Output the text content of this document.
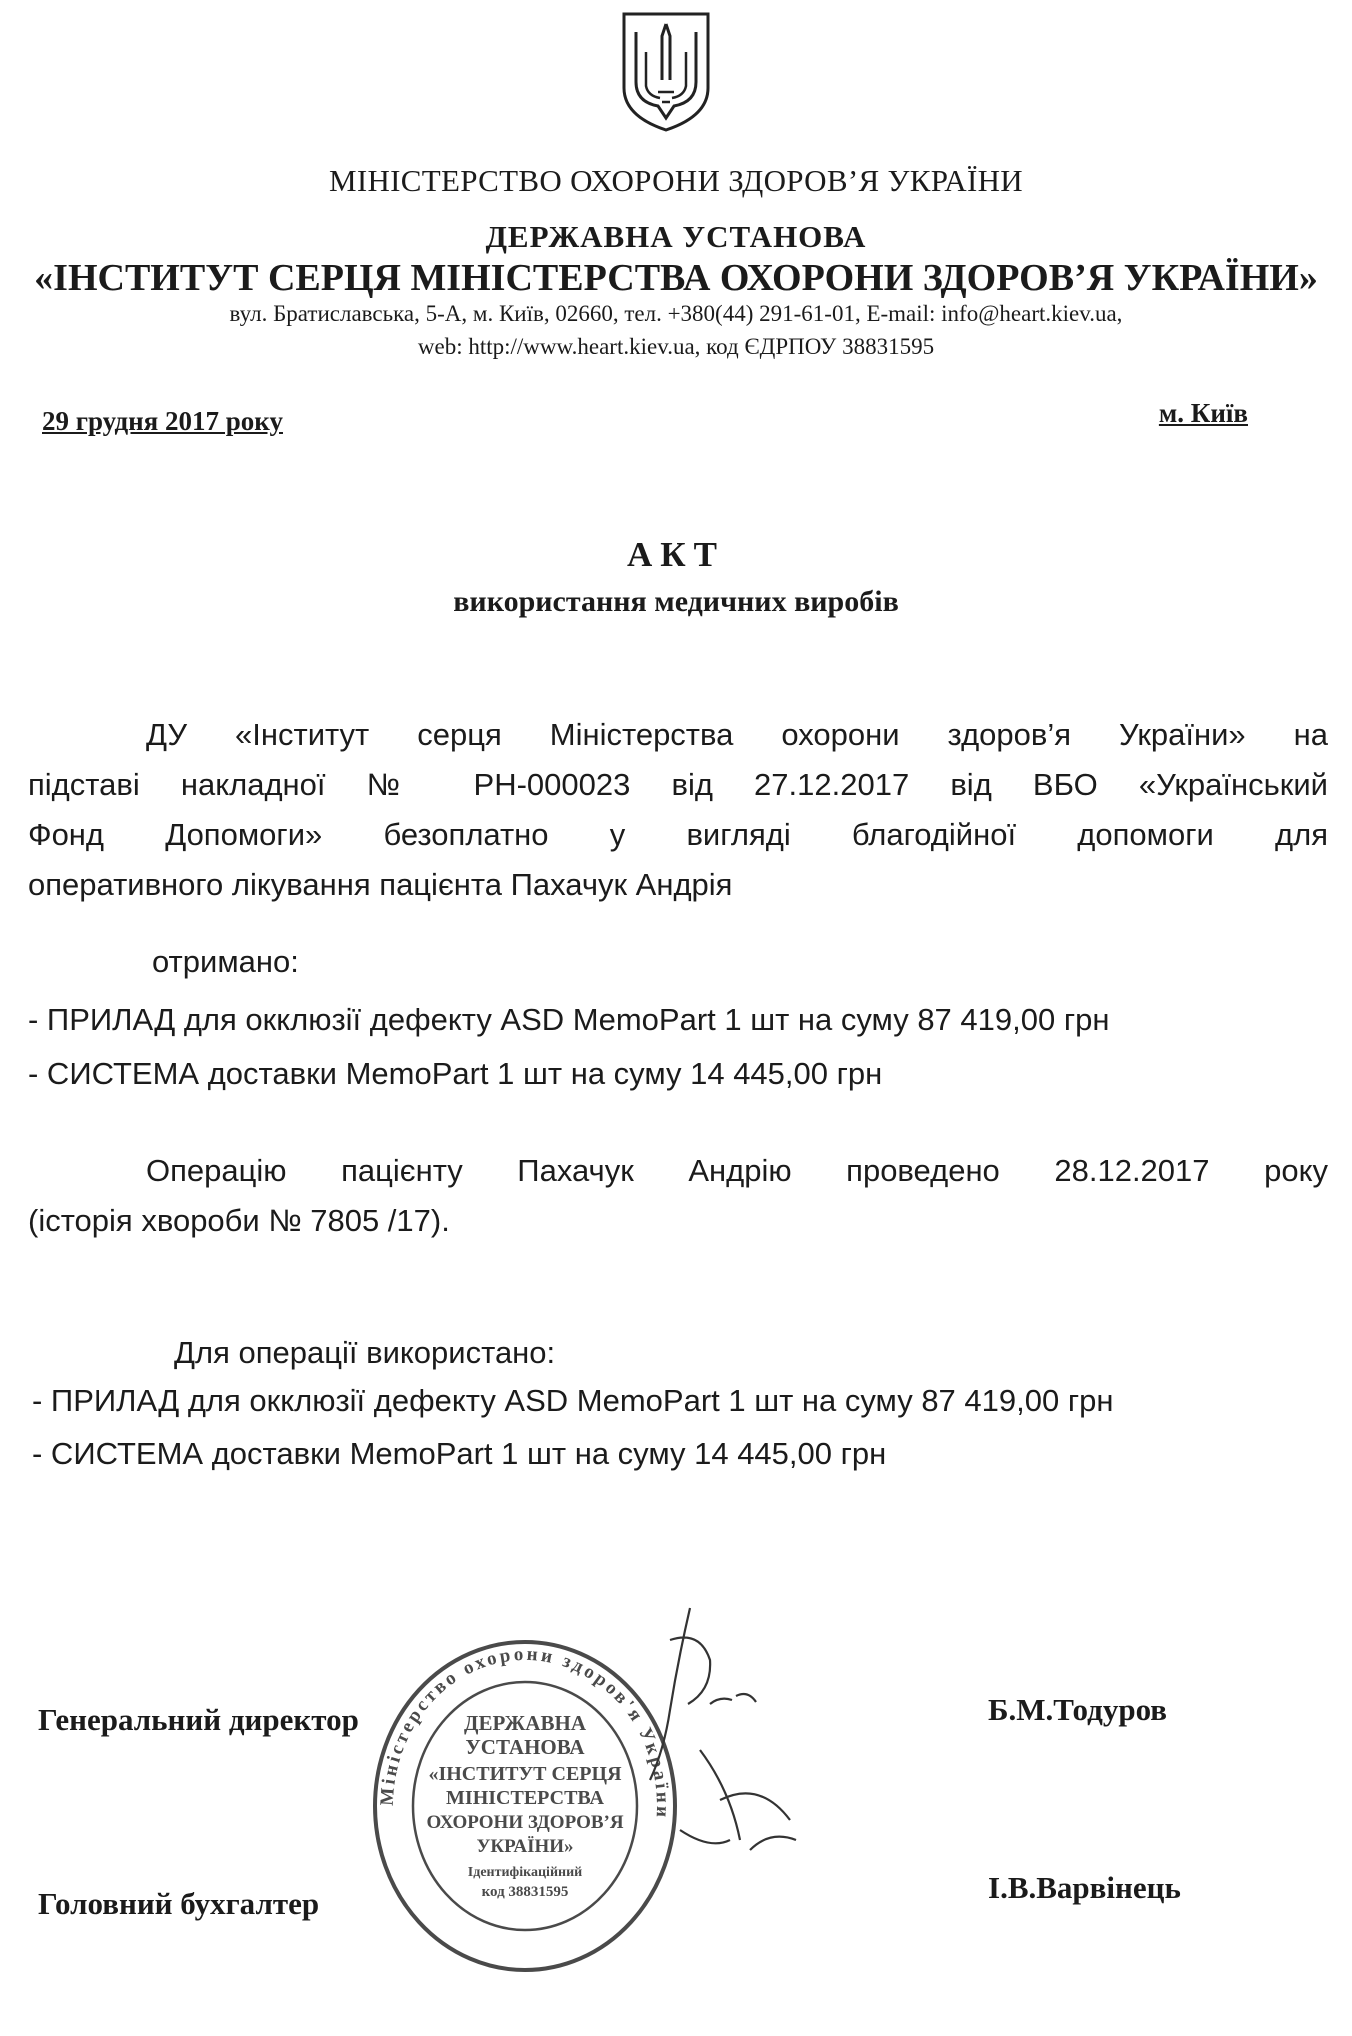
МІНІСТЕРСТВО ОХОРОНИ ЗДОРОВ’Я УКРАЇНИ
ДЕРЖАВНА УСТАНОВА
«ІНСТИТУТ СЕРЦЯ МІНІСТЕРСТВА ОХОРОНИ ЗДОРОВ’Я УКРАЇНИ»
вул. Братиславська, 5-А, м. Київ, 02660, тел. +380(44) 291-61-01, E-mail: info@heart.kiev.ua,
web: http://www.heart.kiev.ua, код ЄДРПОУ 38831595
29 грудня 2017 року	м. Київ
АКТ
використання медичних виробів
ДУ «Інститут серця Міністерства охорони здоров’я України» на
підставі накладної № РН-000023 від 27.12.2017 від ВБО «Український
Фонд Допомоги» безоплатно у вигляді благодійної допомоги для
оперативного лікування пацієнта Пахачук Андрія
отримано:
- ПРИЛАД для окклюзії дефекту ASD MemoPart 1 шт на суму 87 419,00 грн
- СИСТЕМА доставки MemoPart 1 шт на суму 14 445,00 грн
Операцію пацієнту Пахачук Андрію проведено 28.12.2017 року
(історія хвороби № 7805 /17).
Для операції використано:
- ПРИЛАД для окклюзії дефекту ASD MemoPart 1 шт на суму 87 419,00 грн
- СИСТЕМА доставки MemoPart 1 шт на суму 14 445,00 грн
Генеральний директор	Б.М.Тодуров
Головний бухгалтер	І.В.Варвінець
Міністерство охорони здоров'я України
ДЕРЖАВНА
УСТАНОВА
«ІНСТИТУТ СЕРЦЯ
МІНІСТЕРСТВА
ОХОРОНИ ЗДОРОВ’Я
УКРАЇНИ»
Ідентифікаційний
код 38831595
